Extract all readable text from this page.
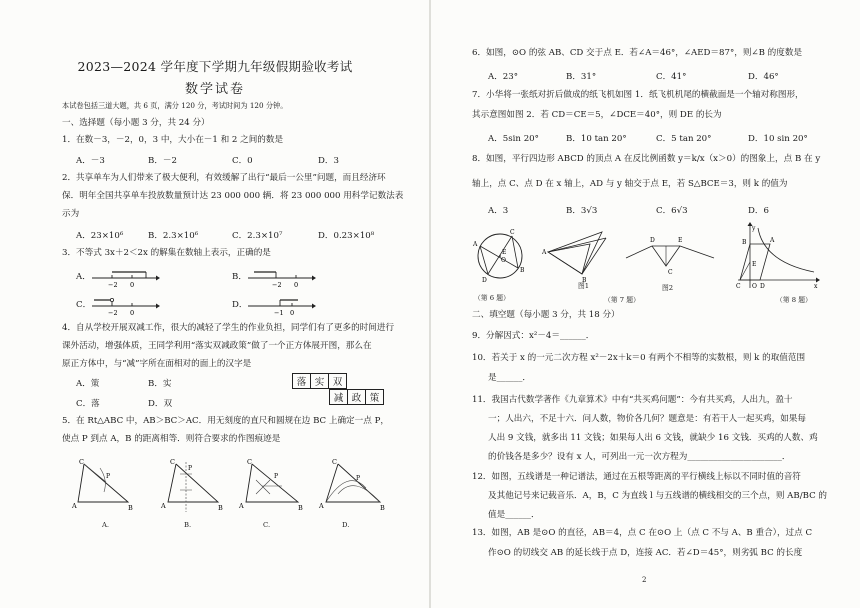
2023—2024 学年度下学期九年级假期验收考试
数学试卷
本试卷包括三道大题，共 6 页，满分 120 分，考试时间为 120 分钟。
一、选择题（每小题 3 分，共 24 分）
1．在数－3，－2，0，3 中，大小在－1 和 2 之间的数是
A．－3	B．－2	C．0	D．3
2．共享单车为人们带来了极大便利，有效缓解了出行“最后一公里”问题，而且经济环
保．明年全国共享单车投放数量预计达 23 000 000 辆．将 23 000 000 用科学记数法表
示为
A．23×10⁶	B．2.3×10⁶	C．2.3×10⁷	D．0.23×10⁸
3．不等式 3x＋2＜2x 的解集在数轴上表示，正确的是
A．	B．
C．	D．
−2 0	−2 0
−2 0	−1 0
4．自从学校开展双减工作，很大的减轻了学生的作业负担，同学们有了更多的时间进行
课外活动，增强体质，王同学利用“落实双减政策”做了一个正方体展开图，那么在
原正方体中，与“减”字所在面相对的面上的汉字是
A．策	B．实
C．落	D．双
落	实	双
减	政	策
5．在 Rt△ABC 中，AB＞BC＞AC．用无刻度的直尺和圆规在边 BC 上确定一点 P，
使点 P 到点 A，B 的距离相等．则符合要求的作图痕迹是
C
A	B
P
A.
C
A	B
P
B.
C
A	B
P
C.
C
A	B
P
D.
6．如图，⊙O 的弦 AB、CD 交于点 E．若∠A＝46°，∠AED＝87°，则∠B 的度数是
A．23°	B．31°	C．41°	D．46°
7．小华将一张纸对折后做成的纸飞机如图 1．纸飞机机尾的横截面是一个轴对称图形，
其示意图如图 2．若 CD＝CE＝5，∠DCE＝40°，则 DE 的长为
A．5sin 20°	B．10 tan 20°	C．5 tan 20°	D．10 sin 20°
8．如图，平行四边形 ABCD 的顶点 A 在反比例函数 y＝k/x（x＞0）的图象上，点 B 在 y
轴上，点 C、点 D 在 x 轴上，AD 与 y 轴交于点 E，若 S△BCE＝3，则 k 的值为
A．3	B．3√3	C．6√3	D．6
A
C
B
D
E
O
（第 6 题）
A
B
图1
D	E
C
图2
（第 7 题）
y
x
B	A
E
C O D
（第 8 题）
二、填空题（每小题 3 分，共 18 分）
9．分解因式：x²－4＝______．
10．若关于 x 的一元二次方程 x²－2x＋k＝0 有两个不相等的实数根，则 k 的取值范围
是______．
11．我国古代数学著作《九章算术》中有“共买鸡问题”：今有共买鸡，人出九，盈十
一；人出六，不足十六．问人数，物价各几何？题意是：有若干人一起买鸡，如果每
人出 9 文钱，就多出 11 文钱；如果每人出 6 文钱，就缺少 16 文钱．买鸡的人数、鸡
的价钱各是多少？设有 x 人，可列出一元一次方程为______________________．
12．如图，五线谱是一种记谱法，通过在五根等距离的平行横线上标以不同时值的音符
及其他记号来记载音乐．A，B，C 为直线 l 与五线谱的横线相交的三个点，则 AB/BC 的
值是______．
13．如图，AB 是⊙O 的直径，AB＝4，点 C 在⊙O 上（点 C 不与 A、B 重合），过点 C
作⊙O 的切线交 AB 的延长线于点 D，连接 AC．若∠D＝45°，则劣弧 BC 的长度
2
